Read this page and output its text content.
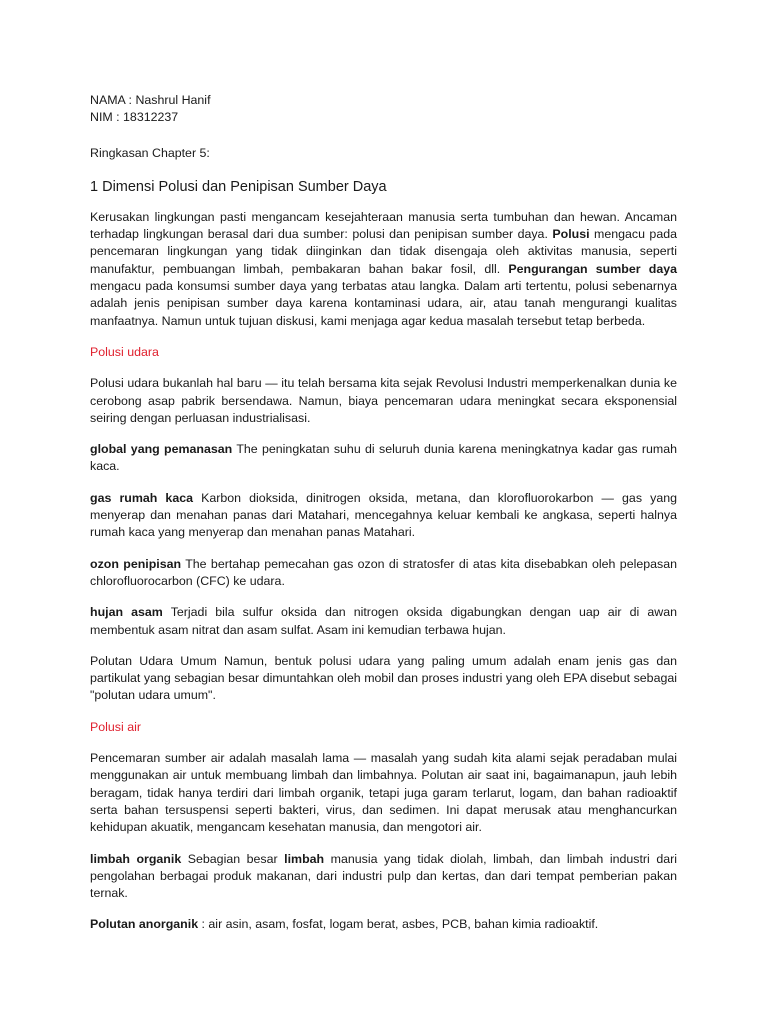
NAMA : Nashrul Hanif

NIM : 18312237

Ringkasan Chapter 5:

1 Dimensi Polusi dan Penipisan Sumber Daya

Kerusakan lingkungan pasti mengancam kesejahteraan manusia serta tumbuhan dan hewan. Ancaman terhadap lingkungan berasal dari dua sumber: polusi dan penipisan sumber daya. Polusi mengacu pada pencemaran lingkungan yang tidak diinginkan dan tidak disengaja oleh aktivitas manusia, seperti manufaktur, pembuangan limbah, pembakaran bahan bakar fosil, dll. Pengurangan sumber daya mengacu pada konsumsi sumber daya yang terbatas atau langka. Dalam arti tertentu, polusi sebenarnya adalah jenis penipisan sumber daya karena kontaminasi udara, air, atau tanah mengurangi kualitas manfaatnya. Namun untuk tujuan diskusi, kami menjaga agar kedua masalah tersebut tetap berbeda.

Polusi udara

Polusi udara bukanlah hal baru — itu telah bersama kita sejak Revolusi Industri memperkenalkan dunia ke cerobong asap pabrik bersendawa. Namun, biaya pencemaran udara meningkat secara eksponensial seiring dengan perluasan industrialisasi.

global yang pemanasan The peningkatan suhu di seluruh dunia karena meningkatnya kadar gas rumah kaca.

gas rumah kaca Karbon dioksida, dinitrogen oksida, metana, dan klorofluorokarbon — gas yang menyerap dan menahan panas dari Matahari, mencegahnya keluar kembali ke angkasa, seperti halnya rumah kaca yang menyerap dan menahan panas Matahari.

ozon penipisan The bertahap pemecahan gas ozon di stratosfer di atas kita disebabkan oleh pelepasan chlorofluorocarbon (CFC) ke udara.

hujan asam Terjadi bila sulfur oksida dan nitrogen oksida digabungkan dengan uap air di awan membentuk asam nitrat dan asam sulfat. Asam ini kemudian terbawa hujan.

Polutan Udara Umum Namun, bentuk polusi udara yang paling umum adalah enam jenis gas dan partikulat yang sebagian besar dimuntahkan oleh mobil dan proses industri yang oleh EPA disebut sebagai "polutan udara umum".

Polusi air

Pencemaran sumber air adalah masalah lama — masalah yang sudah kita alami sejak peradaban mulai menggunakan air untuk membuang limbah dan limbahnya. Polutan air saat ini, bagaimanapun, jauh lebih beragam, tidak hanya terdiri dari limbah organik, tetapi juga garam terlarut, logam, dan bahan radioaktif serta bahan tersuspensi seperti bakteri, virus, dan sedimen. Ini dapat merusak atau menghancurkan kehidupan akuatik, mengancam kesehatan manusia, dan mengotori air.

limbah organik Sebagian besar limbah manusia yang tidak diolah, limbah, dan limbah industri dari pengolahan berbagai produk makanan, dari industri pulp dan kertas, dan dari tempat pemberian pakan ternak.

Polutan anorganik : air asin, asam, fosfat, logam berat, asbes, PCB, bahan kimia radioaktif.
